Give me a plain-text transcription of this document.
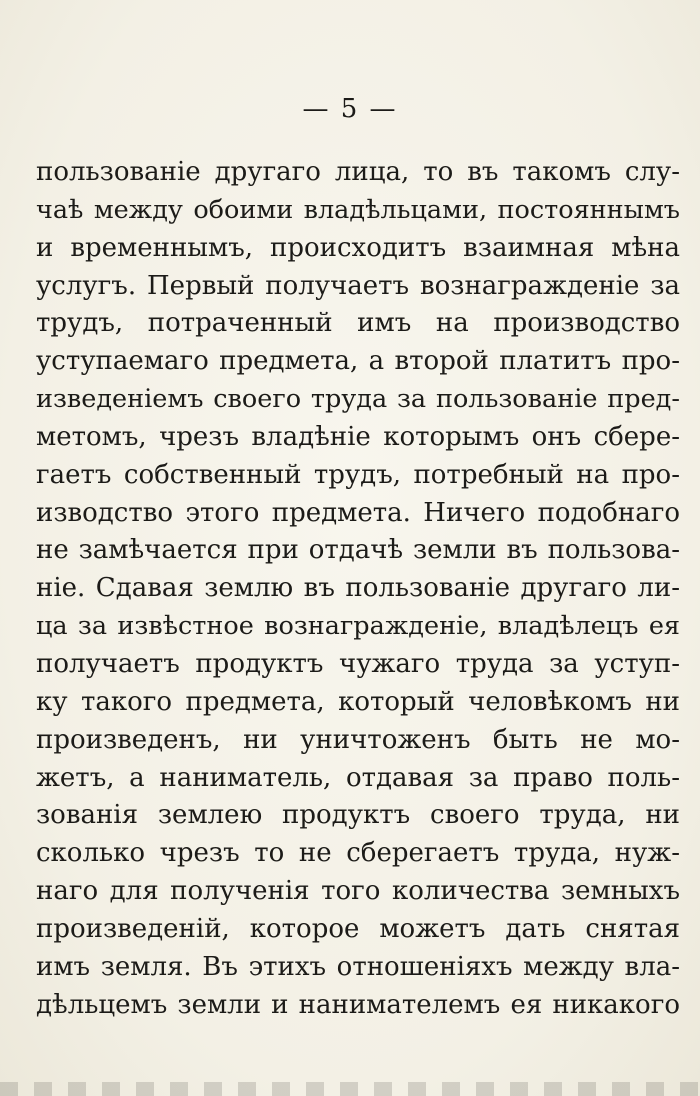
— 5 —
пользованіе другаго лица, то въ такомъ слу-
чаѣ между обоими владѣльцами, постояннымъ
и временнымъ, происходитъ взаимная мѣна
услугъ. Первый получаетъ вознагражденіе за
трудъ, потраченный имъ на производство
уступаемаго предмета, а второй платитъ про-
изведеніемъ своего труда за пользованіе пред-
метомъ, чрезъ владѣніе которымъ онъ сбере-
гаетъ собственный трудъ, потребный на про-
изводство этого предмета. Ничего подобнаго
не замѣчается при отдачѣ земли въ пользова-
ніе. Сдавая землю въ пользованіе другаго ли-
ца за извѣстное вознагражденіе, владѣлецъ ея
получаетъ продуктъ чужаго труда за уступ-
ку такого предмета, который человѣкомъ ни
произведенъ, ни уничтоженъ быть не мо-
жетъ, а наниматель, отдавая за право поль-
зованія землею продуктъ своего труда, ни
сколько чрезъ то не сберегаетъ труда, нуж-
наго для полученія того количества земныхъ
произведеній, которое можетъ дать снятая
имъ земля. Въ этихъ отношеніяхъ между вла-
дѣльцемъ земли и нанимателемъ ея никакого
